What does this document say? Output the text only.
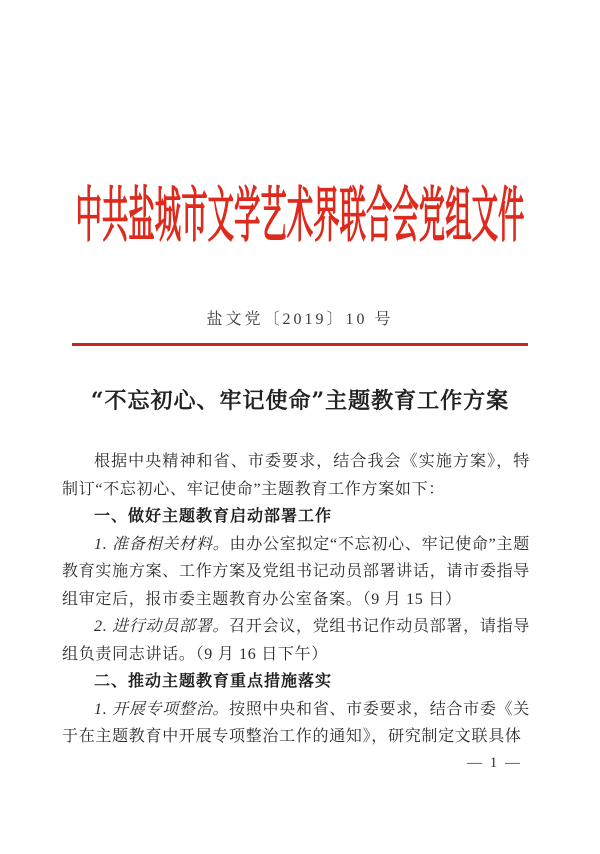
中共盐城市文学艺术界联合会党组文件
盐文党〔2019〕10 号
“不忘初心、牢记使命”主题教育工作方案

根据中央精神和省、市委要求，结合我会《实施方案》，特制订“不忘初心、牢记使命”主题教育工作方案如下：

一、做好主题教育启动部署工作

1. 准备相关材料。由办公室拟定“不忘初心、牢记使命”主题教育实施方案、工作方案及党组书记动员部署讲话，请市委指导组审定后，报市委主题教育办公室备案。（9 月 15 日）

2. 进行动员部署。召开会议，党组书记作动员部署，请指导组负责同志讲话。（9 月 16 日下午）

二、推动主题教育重点措施落实

1. 开展专项整治。按照中央和省、市委要求，结合市委《关于在主题教育中开展专项整治工作的通知》，研究制定文联具体

— 1 —
